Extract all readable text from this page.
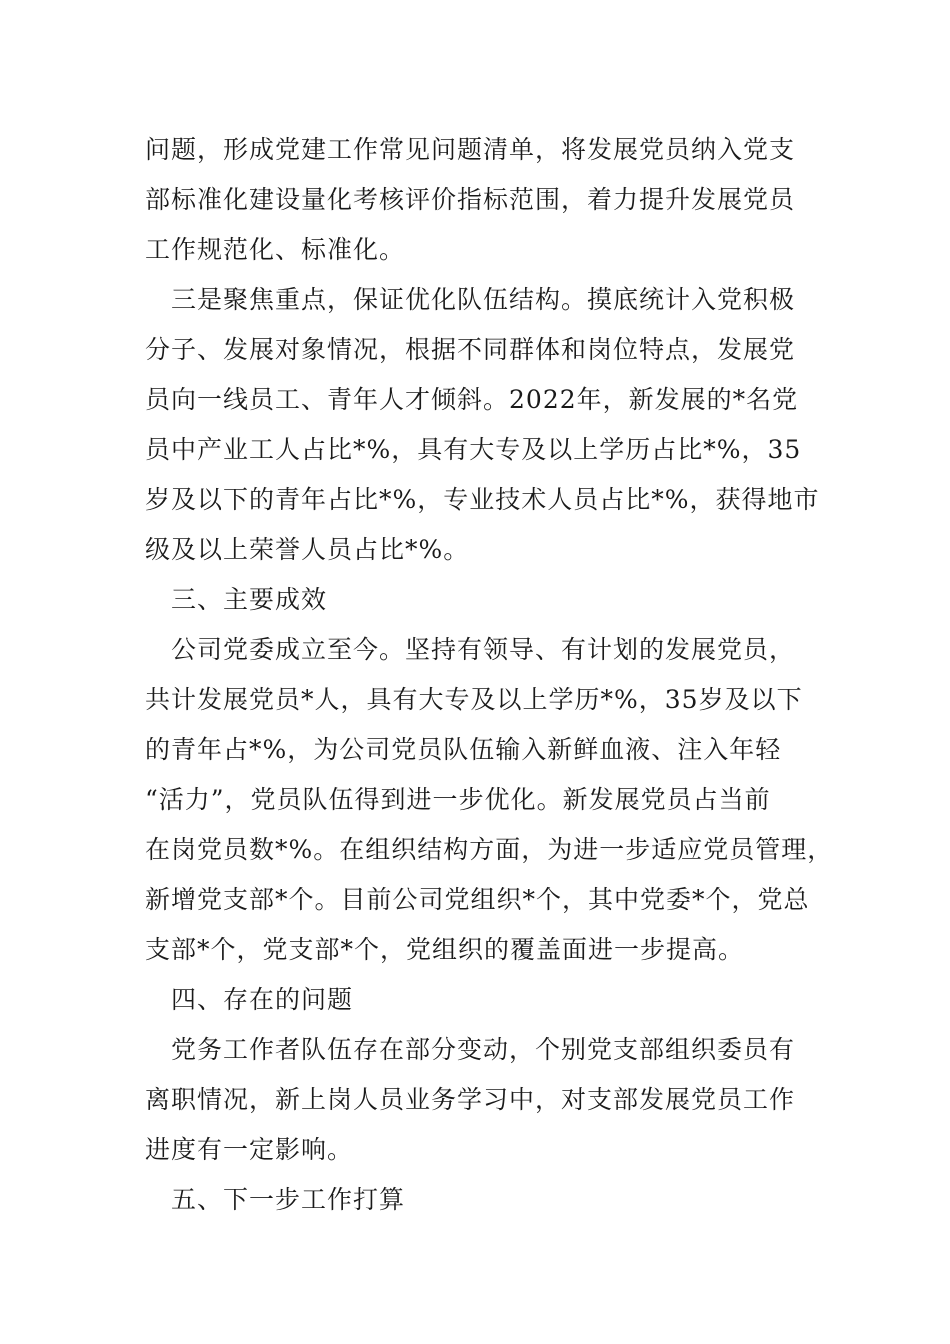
问题，形成党建工作常见问题清单，将发展党员纳入党支
部标准化建设量化考核评价指标范围，着力提升发展党员
工作规范化、标准化。
　三是聚焦重点，保证优化队伍结构。摸底统计入党积极
分子、发展对象情况，根据不同群体和岗位特点，发展党
员向一线员工、青年人才倾斜。2022年，新发展的*名党
员中产业工人占比*%，具有大专及以上学历占比*%，35
岁及以下的青年占比*%，专业技术人员占比*%，获得地市
级及以上荣誉人员占比*%。
　三、主要成效
　公司党委成立至今。坚持有领导、有计划的发展党员，
共计发展党员*人，具有大专及以上学历*%，35岁及以下
的青年占*%，为公司党员队伍输入新鲜血液、注入年轻
“活力”，党员队伍得到进一步优化。新发展党员占当前
在岗党员数*%。在组织结构方面，为进一步适应党员管理，
新增党支部*个。目前公司党组织*个，其中党委*个，党总
支部*个，党支部*个，党组织的覆盖面进一步提高。
　四、存在的问题
　党务工作者队伍存在部分变动，个别党支部组织委员有
离职情况，新上岗人员业务学习中，对支部发展党员工作
进度有一定影响。
　五、下一步工作打算
